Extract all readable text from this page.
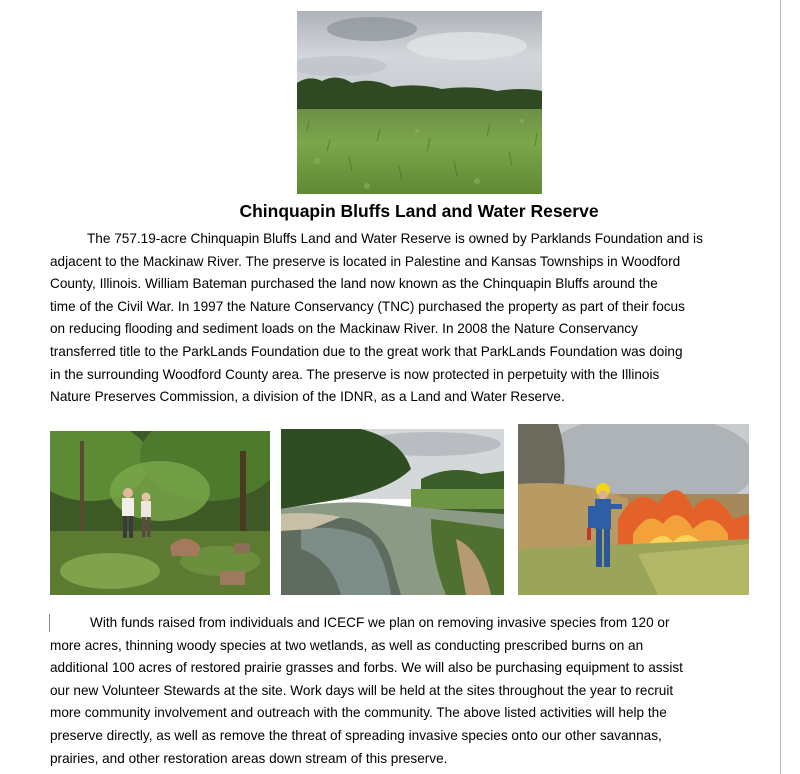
Chinquapin Bluffs Land and Water Reserve
The 757.19-acre Chinquapin Bluffs Land and Water Reserve is owned by Parklands Foundation and is
adjacent to the Mackinaw River. The preserve is located in Palestine and Kansas Townships in Woodford
County, Illinois. William Bateman purchased the land now known as the Chinquapin Bluffs around the
time of the Civil War. In 1997 the Nature Conservancy (TNC) purchased the property as part of their focus
on reducing flooding and sediment loads on the Mackinaw River. In 2008 the Nature Conservancy
transferred title to the ParkLands Foundation due to the great work that ParkLands Foundation was doing
in the surrounding Woodford County area. The preserve is now protected in perpetuity with the Illinois
Nature Preserves Commission, a division of the IDNR, as a Land and Water Reserve.
With funds raised from individuals and ICECF we plan on removing invasive species from 120 or
more acres, thinning woody species at two wetlands, as well as conducting prescribed burns on an
additional 100 acres of restored prairie grasses and forbs. We will also be purchasing equipment to assist
our new Volunteer Stewards at the site. Work days will be held at the sites throughout the year to recruit
more community involvement and outreach with the community. The above listed activities will help the
preserve directly, as well as remove the threat of spreading invasive species onto our other savannas,
prairies, and other restoration areas down stream of this preserve.
